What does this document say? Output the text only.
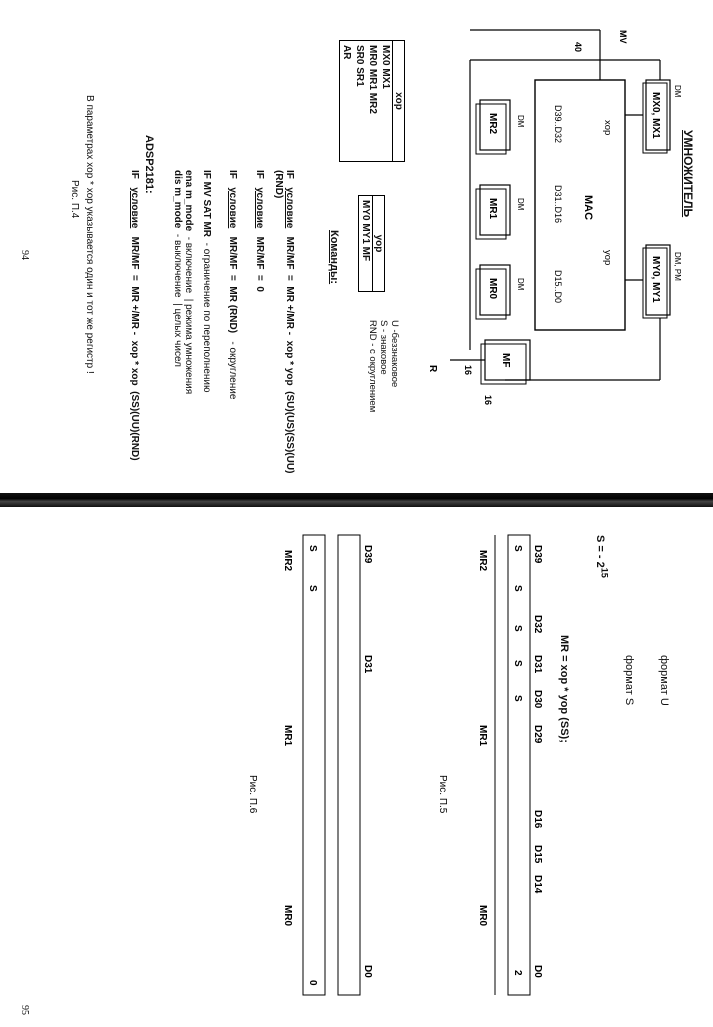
УМНОЖИТЕЛЬ
MX0, MX1
MY0, MY1
MF
xop
yop
MAC
D39..D32
D31..D16
D15..D0
MR2
MR1
MR0
DM
DM
DM
MV
40
16
16
R
DM
DM, PM
xop
MX0 MX1
MR0 MR1 MR2
SR0 SR1
AR
yop
MY0 MY1 MF
Команды:
U -беззнаковое
S - знаковое
RND - с округлением
IF   условие   MR/MF  =  MR +/MR -  xop * yop  (SU)(US)(SS)(UU)(RND)
IF   условие   MR/MF  =  0
IF   условие   MR/MF  =  MR (RND)   - округление
IF MV SAT MR  - ограничение по переполнению
ena m_mode  - включение  | режима умножения
dis m_mode  - выключение  | целых чисел
ADSP2181:
IF   условие   MR/MF  =  MR +/MR -  xop * xop  (SS)(UU)(RND)
В параметрах xop * xop указывается один и тот же регистр !
Рис. П.4
94
S = - $2^{15}$
формат U
формат S
MR = xop * yop (SS);
D39
D32
D31
D30
D29
D16
D15
D14
D0
S
S
S
S
S
2
MR2
MR1
MR0
Рис. П.5
D39
D31
D0
S
S
0
MR2
MR1
MR0
Рис. П.6
95
